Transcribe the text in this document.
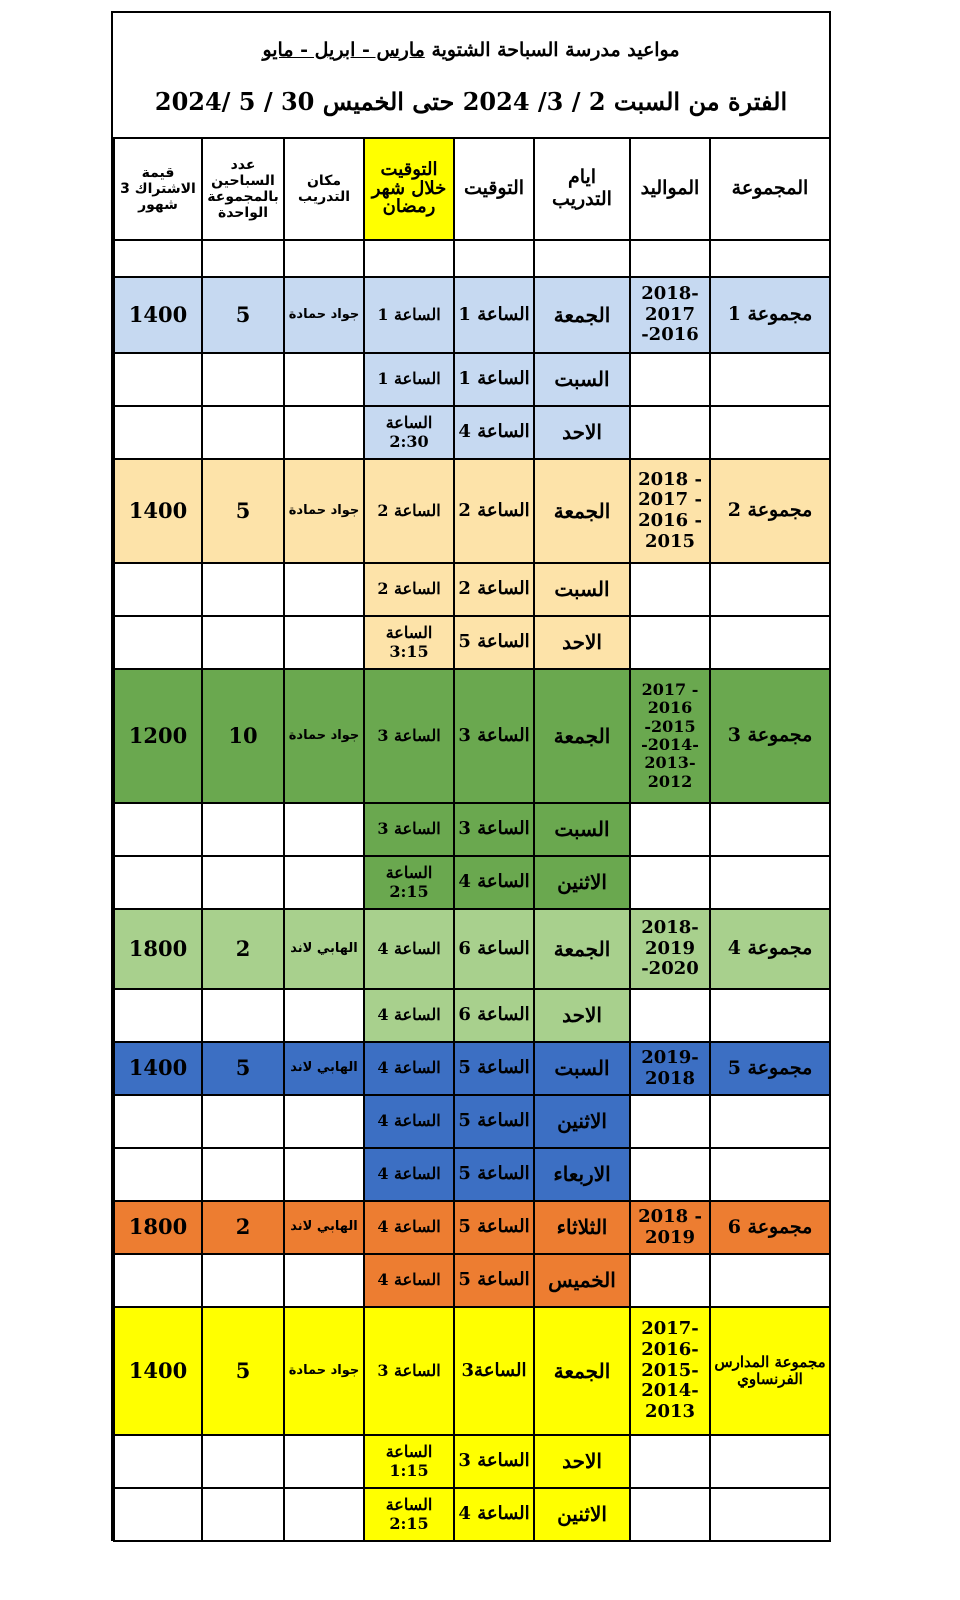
مواعيد مدرسة السباحة الشتوية مارس - ابريل - مايو
الفترة من السبت 2 / 3/ 2024 حتى الخميس 30 / 5 /2024
قيمة الاشتراك 3 شهور	عدد السباحين بالمجموعة الواحدة	مكان التدريب	التوقيت خلال شهر رمضان	التوقيت	ايام التدريب	المواليد	المجموعة

1400	5	جواد حمادة	الساعة 1	الساعة 1	الجمعة	2018-2017 -2016	مجموعة 1
			الساعة 1	الساعة 1	السبت		
			الساعة 2:30	الساعة 4	الاحد		
1400	5	جواد حمادة	الساعة 2	الساعة 2	الجمعة	2018 - 2017 - 2016 - 2015	مجموعة 2
			الساعة 2	الساعة 2	السبت		
			الساعة 3:15	الساعة 5	الاحد		
1200	10	جواد حمادة	الساعة 3	الساعة 3	الجمعة	2017 - 2016 -2015 -2014- 2013- 2012	مجموعة 3
			الساعة 3	الساعة 3	السبت		
			الساعة 2:15	الساعة 4	الاثنين		
1800	2	الهابي لاند	الساعة 4	الساعة 6	الجمعة	2018- 2019 -2020	مجموعة 4
			الساعة 4	الساعة 6	الاحد		
1400	5	الهابي لاند	الساعة 4	الساعة 5	السبت	2019- 2018	مجموعة 5
			الساعة 4	الساعة 5	الاثنين		
			الساعة 4	الساعة 5	الاربعاء		
1800	2	الهابي لاند	الساعة 4	الساعة 5	الثلاثاء	2018 - 2019	مجموعة 6
			الساعة 4	الساعة 5	الخميس		
1400	5	جواد حمادة	الساعة 3	الساعة3	الجمعة	2017- 2016- 2015- 2014- 2013	مجموعة المدارس الفرنساوي
			الساعة 1:15	الساعة 3	الاحد		
			الساعة 2:15	الساعة 4	الاثنين		
